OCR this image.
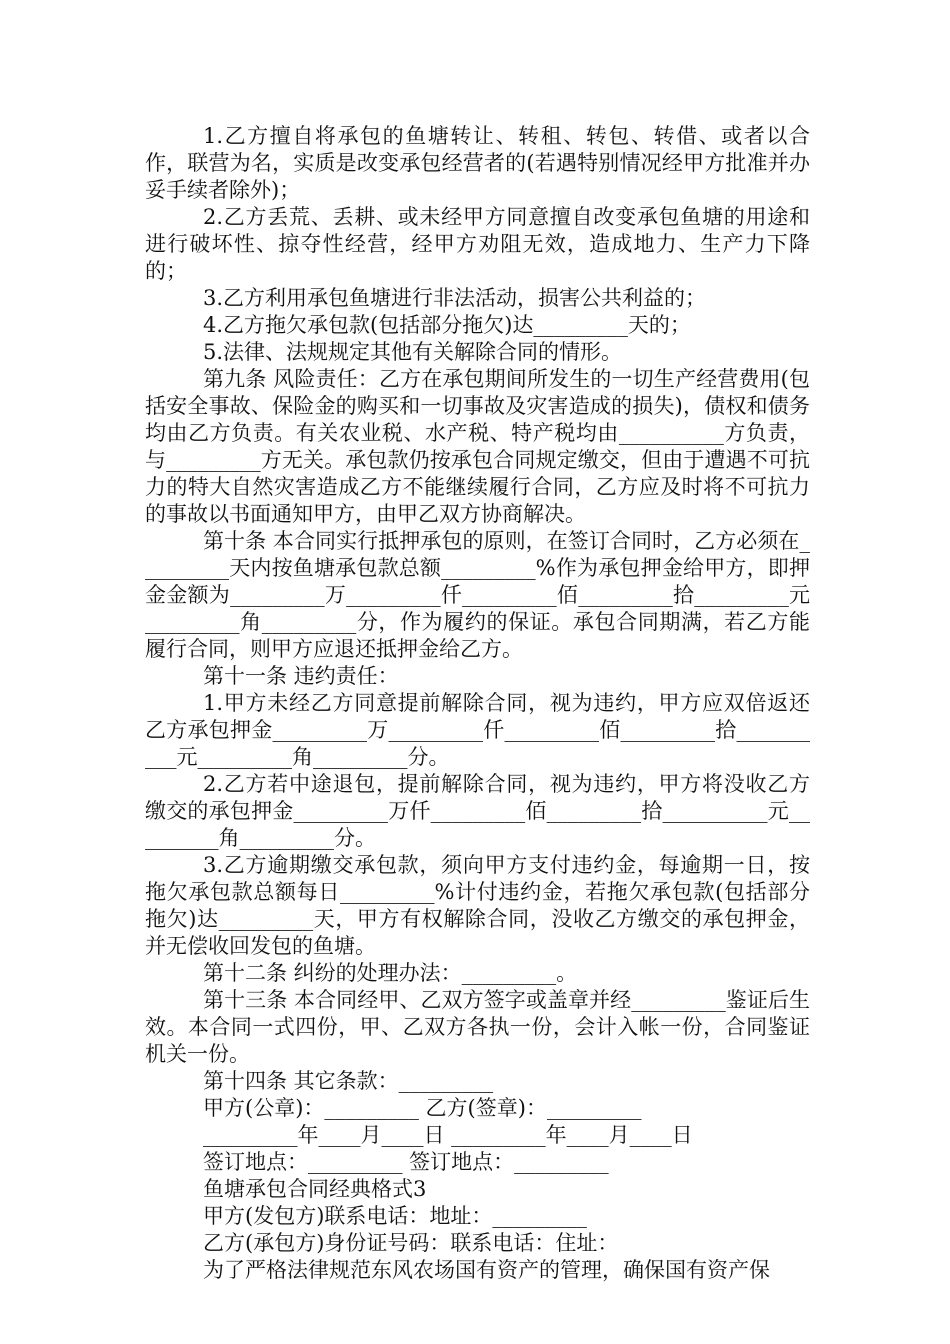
1.乙方擅自将承包的鱼塘转让、转租、转包、转借、或者以合作，联营为名，实质是改变承包经营者的(若遇特别情况经甲方批准并办妥手续者除外)；

2.乙方丢荒、丢耕、或未经甲方同意擅自改变承包鱼塘的用途和进行破坏性、掠夺性经营，经甲方劝阻无效，造成地力、生产力下降的；

3.乙方利用承包鱼塘进行非法活动，损害公共利益的；

4.乙方拖欠承包款(包括部分拖欠)达_________天的；

5.法律、法规规定其他有关解除合同的情形。

第九条 风险责任：乙方在承包期间所发生的一切生产经营费用(包括安全事故、保险金的购买和一切事故及灾害造成的损失)，债权和债务均由乙方负责。有关农业税、水产税、特产税均由__________方负责，与_________方无关。承包款仍按承包合同规定缴交，但由于遭遇不可抗力的特大自然灾害造成乙方不能继续履行合同，乙方应及时将不可抗力的事故以书面通知甲方，由甲乙双方协商解决。

第十条 本合同实行抵押承包的原则，在签订合同时，乙方必须在_________天内按鱼塘承包款总额_________%作为承包押金给甲方，即押金金额为_________万_________仟_________佰_________拾_________元_________角_________分，作为履约的保证。承包合同期满，若乙方能履行合同，则甲方应退还抵押金给乙方。

第十一条 违约责任：

1.甲方未经乙方同意提前解除合同，视为违约，甲方应双倍返还乙方承包押金_________万_________仟_________佰_________拾__________元_________角_________分。

2.乙方若中途退包，提前解除合同，视为违约，甲方将没收乙方缴交的承包押金_________万仟_________佰_________拾__________元_________角_________分。

3.乙方逾期缴交承包款，须向甲方支付违约金，每逾期一日，按拖欠承包款总额每日_________%计付违约金，若拖欠承包款(包括部分拖欠)达_________天，甲方有权解除合同，没收乙方缴交的承包押金，并无偿收回发包的鱼塘。

第十二条 纠纷的处理办法：_________。

第十三条 本合同经甲、乙双方签字或盖章并经_________鉴证后生效。本合同一式四份，甲、乙双方各执一份，会计入帐一份，合同鉴证机关一份。

第十四条 其它条款：_________

甲方(公章)：_________ 乙方(签章)：_________

_________年____月____日 _________年____月____日

签订地点：_________ 签订地点：_________

鱼塘承包合同经典格式3

甲方(发包方)联系电话：地址：_________

乙方(承包方)身份证号码：联系电话：住址：

为了严格法律规范东风农场国有资产的管理，确保国有资产保
